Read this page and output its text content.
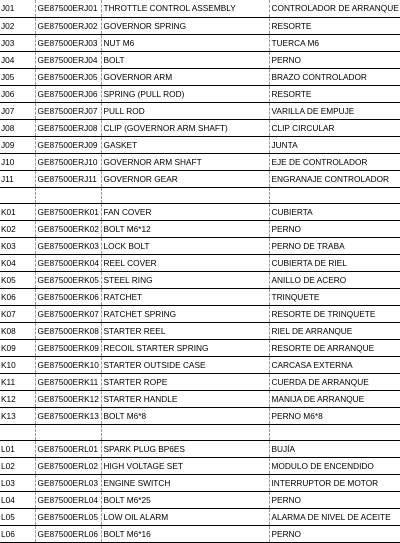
J01	GE87500ERJ01	THROTTLE CONTROL ASSEMBLY	CONTROLADOR DE ARRANQUE
J02	GE87500ERJ02	GOVERNOR SPRING	RESORTE
J03	GE87500ERJ03	NUT M6	TUERCA M6
J04	GE87500ERJ04	BOLT	PERNO
J05	GE87500ERJ05	GOVERNOR ARM	BRAZO CONTROLADOR
J06	GE87500ERJ06	SPRING (PULL ROD)	RESORTE
J07	GE87500ERJ07	PULL ROD	VARILLA DE EMPUJE
J08	GE87500ERJ08	CLIP (GOVERNOR ARM SHAFT)	CLIP CIRCULAR
J09	GE87500ERJ09	GASKET	JUNTA
J10	GE87500ERJ10	GOVERNOR ARM SHAFT	EJE DE CONTROLADOR
J11	GE87500ERJ11	GOVERNOR GEAR	ENGRANAJE CONTROLADOR

K01	GE87500ERK01	FAN COVER	CUBIERTA
K02	GE87500ERK02	BOLT M6*12	PERNO
K03	GE87500ERK03	LOCK BOLT	PERNO DE TRABA
K04	GE87500ERK04	REEL COVER	CUBIERTA DE RIEL
K05	GE87500ERK05	STEEL RING	ANILLO DE ACERO
K06	GE87500ERK06	RATCHET	TRINQUETE
K07	GE87500ERK07	RATCHET SPRING	RESORTE DE TRINQUETE
K08	GE87500ERK08	STARTER REEL	RIEL DE ARRANQUE
K09	GE87500ERK09	RECOIL STARTER SPRING	RESORTE DE ARRANQUE
K10	GE87500ERK10	STARTER OUTSIDE CASE	CARCASA EXTERNA
K11	GE87500ERK11	STARTER ROPE	CUERDA DE ARRANQUE
K12	GE87500ERK12	STARTER HANDLE	MANIJA DE ARRANQUE
K13	GE87500ERK13	BOLT M6*8	PERNO M6*8

L01	GE87500ERL01	SPARK PLUG BP6ES	BUJÍA
L02	GE87500ERL02	HIGH VOLTAGE SET	MODULO DE ENCENDIDO
L03	GE87500ERL03	ENGINE SWITCH	INTERRUPTOR DE MOTOR
L04	GE87500ERL04	BOLT M6*25	PERNO
L05	GE87500ERL05	LOW OIL ALARM	ALARMA DE NIVEL DE ACEITE
L06	GE87500ERL06	BOLT M6*16	PERNO
